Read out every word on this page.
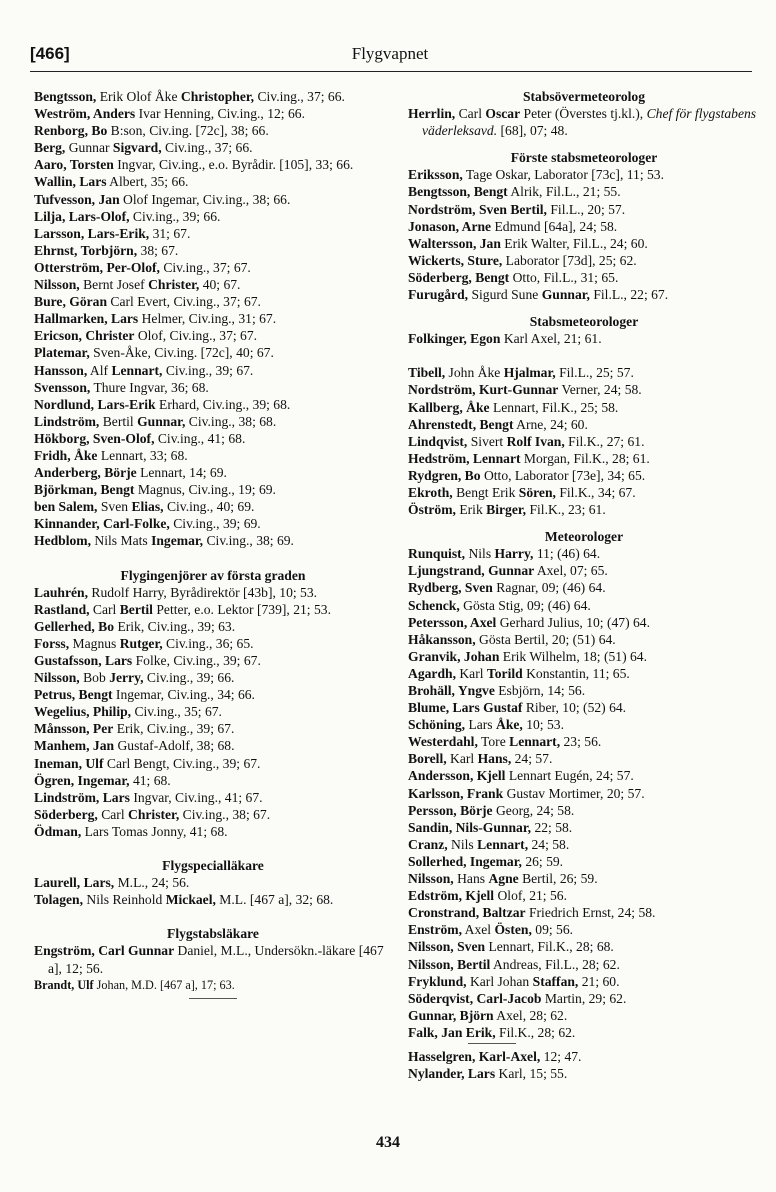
[466]	Flygvapnet
Bengtsson, Erik Olof Åke Christopher, Civ.ing., 37; 66.
Weström, Anders Ivar Henning, Civ.ing., 12; 66.
Renborg, Bo B:son, Civ.ing. [72c], 38; 66.
Berg, Gunnar Sigvard, Civ.ing., 37; 66.
Aaro, Torsten Ingvar, Civ.ing., e.o. Byrådir. [105], 33; 66.
Wallin, Lars Albert, 35; 66.
Tufvesson, Jan Olof Ingemar, Civ.ing., 38; 66.
Lilja, Lars-Olof, Civ.ing., 39; 66.
Larsson, Lars-Erik, 31; 67.
Ehrnst, Torbjörn, 38; 67.
Otterström, Per-Olof, Civ.ing., 37; 67.
Nilsson, Bernt Josef Christer, 40; 67.
Bure, Göran Carl Evert, Civ.ing., 37; 67.
Hallmarken, Lars Helmer, Civ.ing., 31; 67.
Ericson, Christer Olof, Civ.ing., 37; 67.
Platemar, Sven-Åke, Civ.ing. [72c], 40; 67.
Hansson, Alf Lennart, Civ.ing., 39; 67.
Svensson, Thure Ingvar, 36; 68.
Nordlund, Lars-Erik Erhard, Civ.ing., 39; 68.
Lindström, Bertil Gunnar, Civ.ing., 38; 68.
Hökborg, Sven-Olof, Civ.ing., 41; 68.
Fridh, Åke Lennart, 33; 68.
Anderberg, Börje Lennart, 14; 69.
Björkman, Bengt Magnus, Civ.ing., 19; 69.
ben Salem, Sven Elias, Civ.ing., 40; 69.
Kinnander, Carl-Folke, Civ.ing., 39; 69.
Hedblom, Nils Mats Ingemar, Civ.ing., 38; 69.
Flygingenjörer av första graden
Lauhrén, Rudolf Harry, Byrådirektör [43b], 10; 53.
Rastland, Carl Bertil Petter, e.o. Lektor [739], 21; 53.
Gellerhed, Bo Erik, Civ.ing., 39; 63.
Forss, Magnus Rutger, Civ.ing., 36; 65.
Gustafsson, Lars Folke, Civ.ing., 39; 67.
Nilsson, Bob Jerry, Civ.ing., 39; 66.
Petrus, Bengt Ingemar, Civ.ing., 34; 66.
Wegelius, Philip, Civ.ing., 35; 67.
Månsson, Per Erik, Civ.ing., 39; 67.
Manhem, Jan Gustaf-Adolf, 38; 68.
Ineman, Ulf Carl Bengt, Civ.ing., 39; 67.
Ögren, Ingemar, 41; 68.
Lindström, Lars Ingvar, Civ.ing., 41; 67.
Söderberg, Carl Christer, Civ.ing., 38; 67.
Ödman, Lars Tomas Jonny, 41; 68.
Flygspecialläkare
Laurell, Lars, M.L., 24; 56.
Tolagen, Nils Reinhold Mickael, M.L. [467 a], 32; 68.
Flygstabsläkare
Engström, Carl Gunnar Daniel, M.L., Undersökn.-läkare [467 a], 12; 56.
Brandt, Ulf Johan, M.D. [467 a], 17; 63.
Stabsövermeteorolog
Herrlin, Carl Oscar Peter (Överstes tj.kl.), Chef för flygstabens väderleksavd. [68], 07; 48.
Förste stabsmeteorologer
Eriksson, Tage Oskar, Laborator [73c], 11; 53.
Bengtsson, Bengt Alrik, Fil.L., 21; 55.
Nordström, Sven Bertil, Fil.L., 20; 57.
Jonason, Arne Edmund [64a], 24; 58.
Waltersson, Jan Erik Walter, Fil.L., 24; 60.
Wickerts, Sture, Laborator [73d], 25; 62.
Söderberg, Bengt Otto, Fil.L., 31; 65.
Furugård, Sigurd Sune Gunnar, Fil.L., 22; 67.
Stabsmeteorologer
Folkinger, Egon Karl Axel, 21; 61.
Tibell, John Åke Hjalmar, Fil.L., 25; 57.
Nordström, Kurt-Gunnar Verner, 24; 58.
Kallberg, Åke Lennart, Fil.K., 25; 58.
Ahrenstedt, Bengt Arne, 24; 60.
Lindqvist, Sivert Rolf Ivan, Fil.K., 27; 61.
Hedström, Lennart Morgan, Fil.K., 28; 61.
Rydgren, Bo Otto, Laborator [73e], 34; 65.
Ekroth, Bengt Erik Sören, Fil.K., 34; 67.
Öström, Erik Birger, Fil.K., 23; 61.
Meteorologer
Runquist, Nils Harry, 11; (46) 64.
Ljungstrand, Gunnar Axel, 07; 65.
Rydberg, Sven Ragnar, 09; (46) 64.
Schenck, Gösta Stig, 09; (46) 64.
Petersson, Axel Gerhard Julius, 10; (47) 64.
Håkansson, Gösta Bertil, 20; (51) 64.
Granvik, Johan Erik Wilhelm, 18; (51) 64.
Agardh, Karl Torild Konstantin, 11; 65.
Brohäll, Yngve Esbjörn, 14; 56.
Blume, Lars Gustaf Riber, 10; (52) 64.
Schöning, Lars Åke, 10; 53.
Westerdahl, Tore Lennart, 23; 56.
Borell, Karl Hans, 24; 57.
Andersson, Kjell Lennart Eugén, 24; 57.
Karlsson, Frank Gustav Mortimer, 20; 57.
Persson, Börje Georg, 24; 58.
Sandin, Nils-Gunnar, 22; 58.
Cranz, Nils Lennart, 24; 58.
Sollerhed, Ingemar, 26; 59.
Nilsson, Hans Agne Bertil, 26; 59.
Edström, Kjell Olof, 21; 56.
Cronstrand, Baltzar Friedrich Ernst, 24; 58.
Enström, Axel Östen, 09; 56.
Nilsson, Sven Lennart, Fil.K., 28; 68.
Nilsson, Bertil Andreas, Fil.L., 28; 62.
Fryklund, Karl Johan Staffan, 21; 60.
Söderqvist, Carl-Jacob Martin, 29; 62.
Gunnar, Björn Axel, 28; 62.
Falk, Jan Erik, Fil.K., 28; 62.
Hasselgren, Karl-Axel, 12; 47.
Nylander, Lars Karl, 15; 55.
434
